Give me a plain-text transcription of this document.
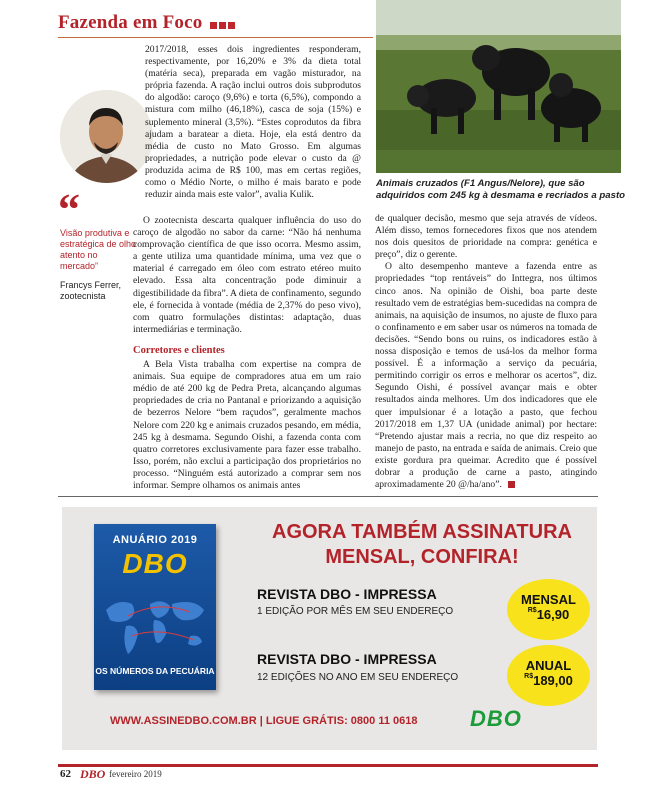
Fazenda em Foco
Animais cruzados (F1 Angus/Nelore), que são adquiridos com 245 kg à desmama e recriados a pasto
“
Visão produtiva e estratégica de olho atento no mercado”
Francys Ferrer,
zootecnista

2017/2018, esses dois ingredientes responderam, respectivamente, por 16,20% e 3% da dieta total (matéria seca), preparada em vagão misturador, na própria fazenda. A ração inclui outros dois subprodutos do algodão: caroço (9,6%) e torta (6,5%), compondo a mistura com milho (46,18%), casca de soja (15%) e suplemento mineral (3,5%). “Estes coprodutos da fibra ajudam a baratear a dieta. Hoje, ela está dentro da média de custo no Mato Grosso. Em algumas propriedades, a nutrição pode elevar o custo da @ produzida acima de R$ 100, mas em certas regiões, como o Médio Norte, o milho é mais barato e pode reduzir ainda mais este valor”, avalia Kulik.

O zootecnista descarta qualquer influência do uso do caroço de algodão no sabor da carne: “Não há nenhuma comprovação científica de que isso ocorra. Mesmo assim, a gente utiliza uma quantidade mínima, uma vez que o material é carregado em óleo com estrato etéreo muito elevado. Essa alta concentração pode diminuir a digestibilidade da fibra”. A dieta de confinamento, segundo ele, é fornecida à vontade (média de 2,37% do peso vivo), com quatro formulações distintas: adaptação, duas intermediárias e terminação.

Corretores e clientes

A Bela Vista trabalha com expertise na compra de animais. Sua equipe de compradores atua em um raio médio de até 200 kg de Pedra Preta, alcançando algumas propriedades de cria no Pantanal e priorizando a aquisição de bezerros Nelore “bem raçudos”, geralmente machos Nelore com 220 kg e animais cruzados pesando, em média, 245 kg à desmama. Segundo Oishi, a fazenda conta com quatro corretores exclusivamente para fazer esse trabalho. Isso, porém, não exclui a participação dos proprietários no processo. “Ninguém está autorizado a comprar sem nos informar. Sempre olhamos os animais antes

de qualquer decisão, mesmo que seja através de vídeos. Além disso, temos fornecedores fixos que nos atendem nos dois quesitos de prioridade na compra: genética e preço”, diz o gerente.

O alto desempenho manteve a fazenda entre as propriedades “top rentáveis” do Inttegra, nos últimos cinco anos. Na opinião de Oishi, boa parte deste resultado vem de estratégias bem-sucedidas na compra de animais, na aquisição de insumos, no ajuste de fluxo para o confinamento e em saber usar os números na tomada de decisões. “Sendo bons ou ruins, os indicadores estão à nossa disposição e temos de usá-los da melhor forma possível. É a informação a serviço da pecuária, permitindo corrigir os erros e melhorar os acertos”, diz. Segundo Oishi, é possível avançar mais e obter resultados ainda melhores. Um dos indicadores que ele quer impulsionar é a lotação a pasto, que fechou 2017/2018 em 1,37 UA (unidade animal) por hectare: “Pretendo ajustar mais a recria, no que diz respeito ao manejo de pasto, na entrada e saída de animais. Creio que existe gordura pra queimar. Acredito que é possível dobrar a produção de carne a pasto, atingindo aproximadamente 20 @/ha/ano”.

ANUÁRIO 2019
DBO
OS NÚMEROS DA PECUÁRIA
AGORA TAMBÉM ASSINATURA
MENSAL, CONFIRA!
REVISTA DBO - IMPRESSA
1 EDIÇÃO POR MÊS EM SEU ENDEREÇO
REVISTA DBO - IMPRESSA
12 EDIÇÕES NO ANO EM SEU ENDEREÇO
MENSAL
$^{R\$}$16,90
ANUAL
$^{R\$}$189,00
WWW.ASSINEDBO.COM.BR | LIGUE GRÁTIS: 0800 11 0618 DBO
62 DBO fevereiro 2019
